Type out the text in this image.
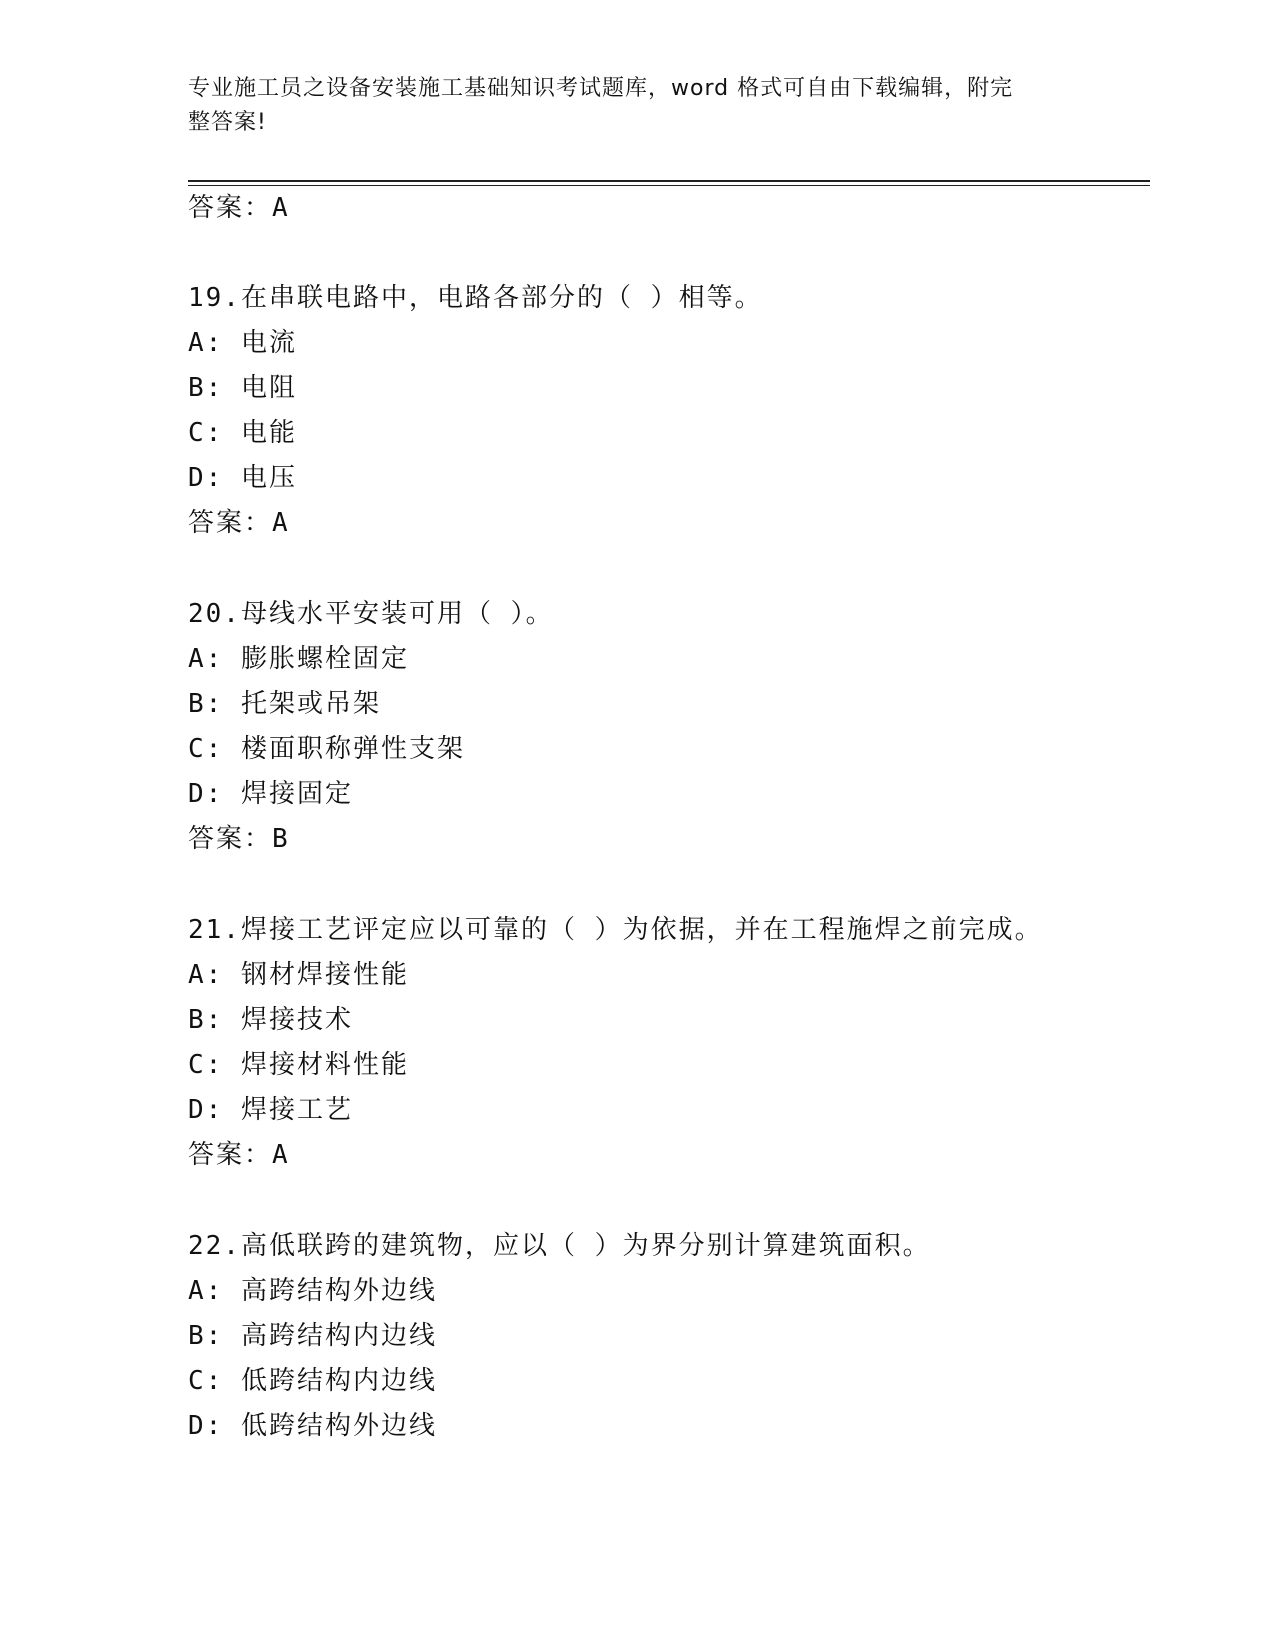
专业施工员之设备安装施工基础知识考试题库，word 格式可自由下载编辑，附完
整答案!
答案：A
19.在串联电路中，电路各部分的（ ）相等。
A: 电流
B: 电阻
C: 电能
D: 电压
答案：A
20.母线水平安装可用（ ）。
A: 膨胀螺栓固定
B: 托架或吊架
C: 楼面职称弹性支架
D: 焊接固定
答案：B
21.焊接工艺评定应以可靠的（ ）为依据，并在工程施焊之前完成。
A: 钢材焊接性能
B: 焊接技术
C: 焊接材料性能
D: 焊接工艺
答案：A
22.高低联跨的建筑物，应以（ ）为界分别计算建筑面积。
A: 高跨结构外边线
B: 高跨结构内边线
C: 低跨结构内边线
D: 低跨结构外边线
